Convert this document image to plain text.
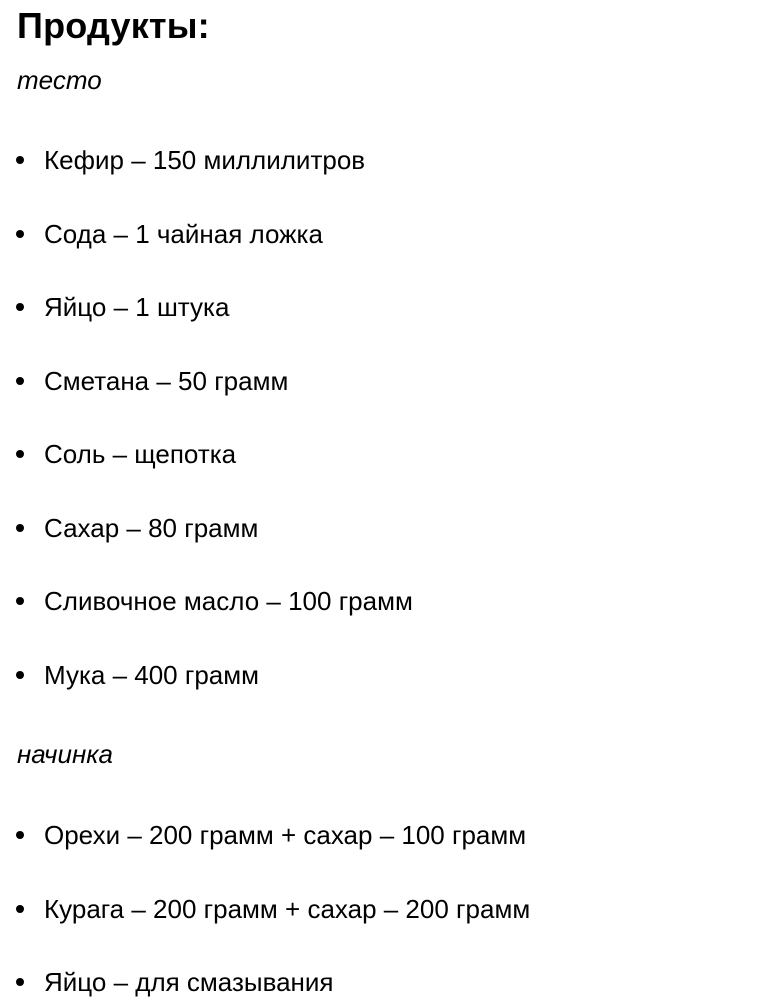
Продукты:
тесто
Кефир – 150 миллилитров
Сода – 1 чайная ложка
Яйцо – 1 штука
Сметана – 50 грамм
Соль – щепотка
Сахар – 80 грамм
Сливочное масло – 100 грамм
Мука – 400 грамм
начинка
Орехи – 200 грамм + сахар – 100 грамм
Курага – 200 грамм + сахар – 200 грамм
Яйцо – для смазывания
